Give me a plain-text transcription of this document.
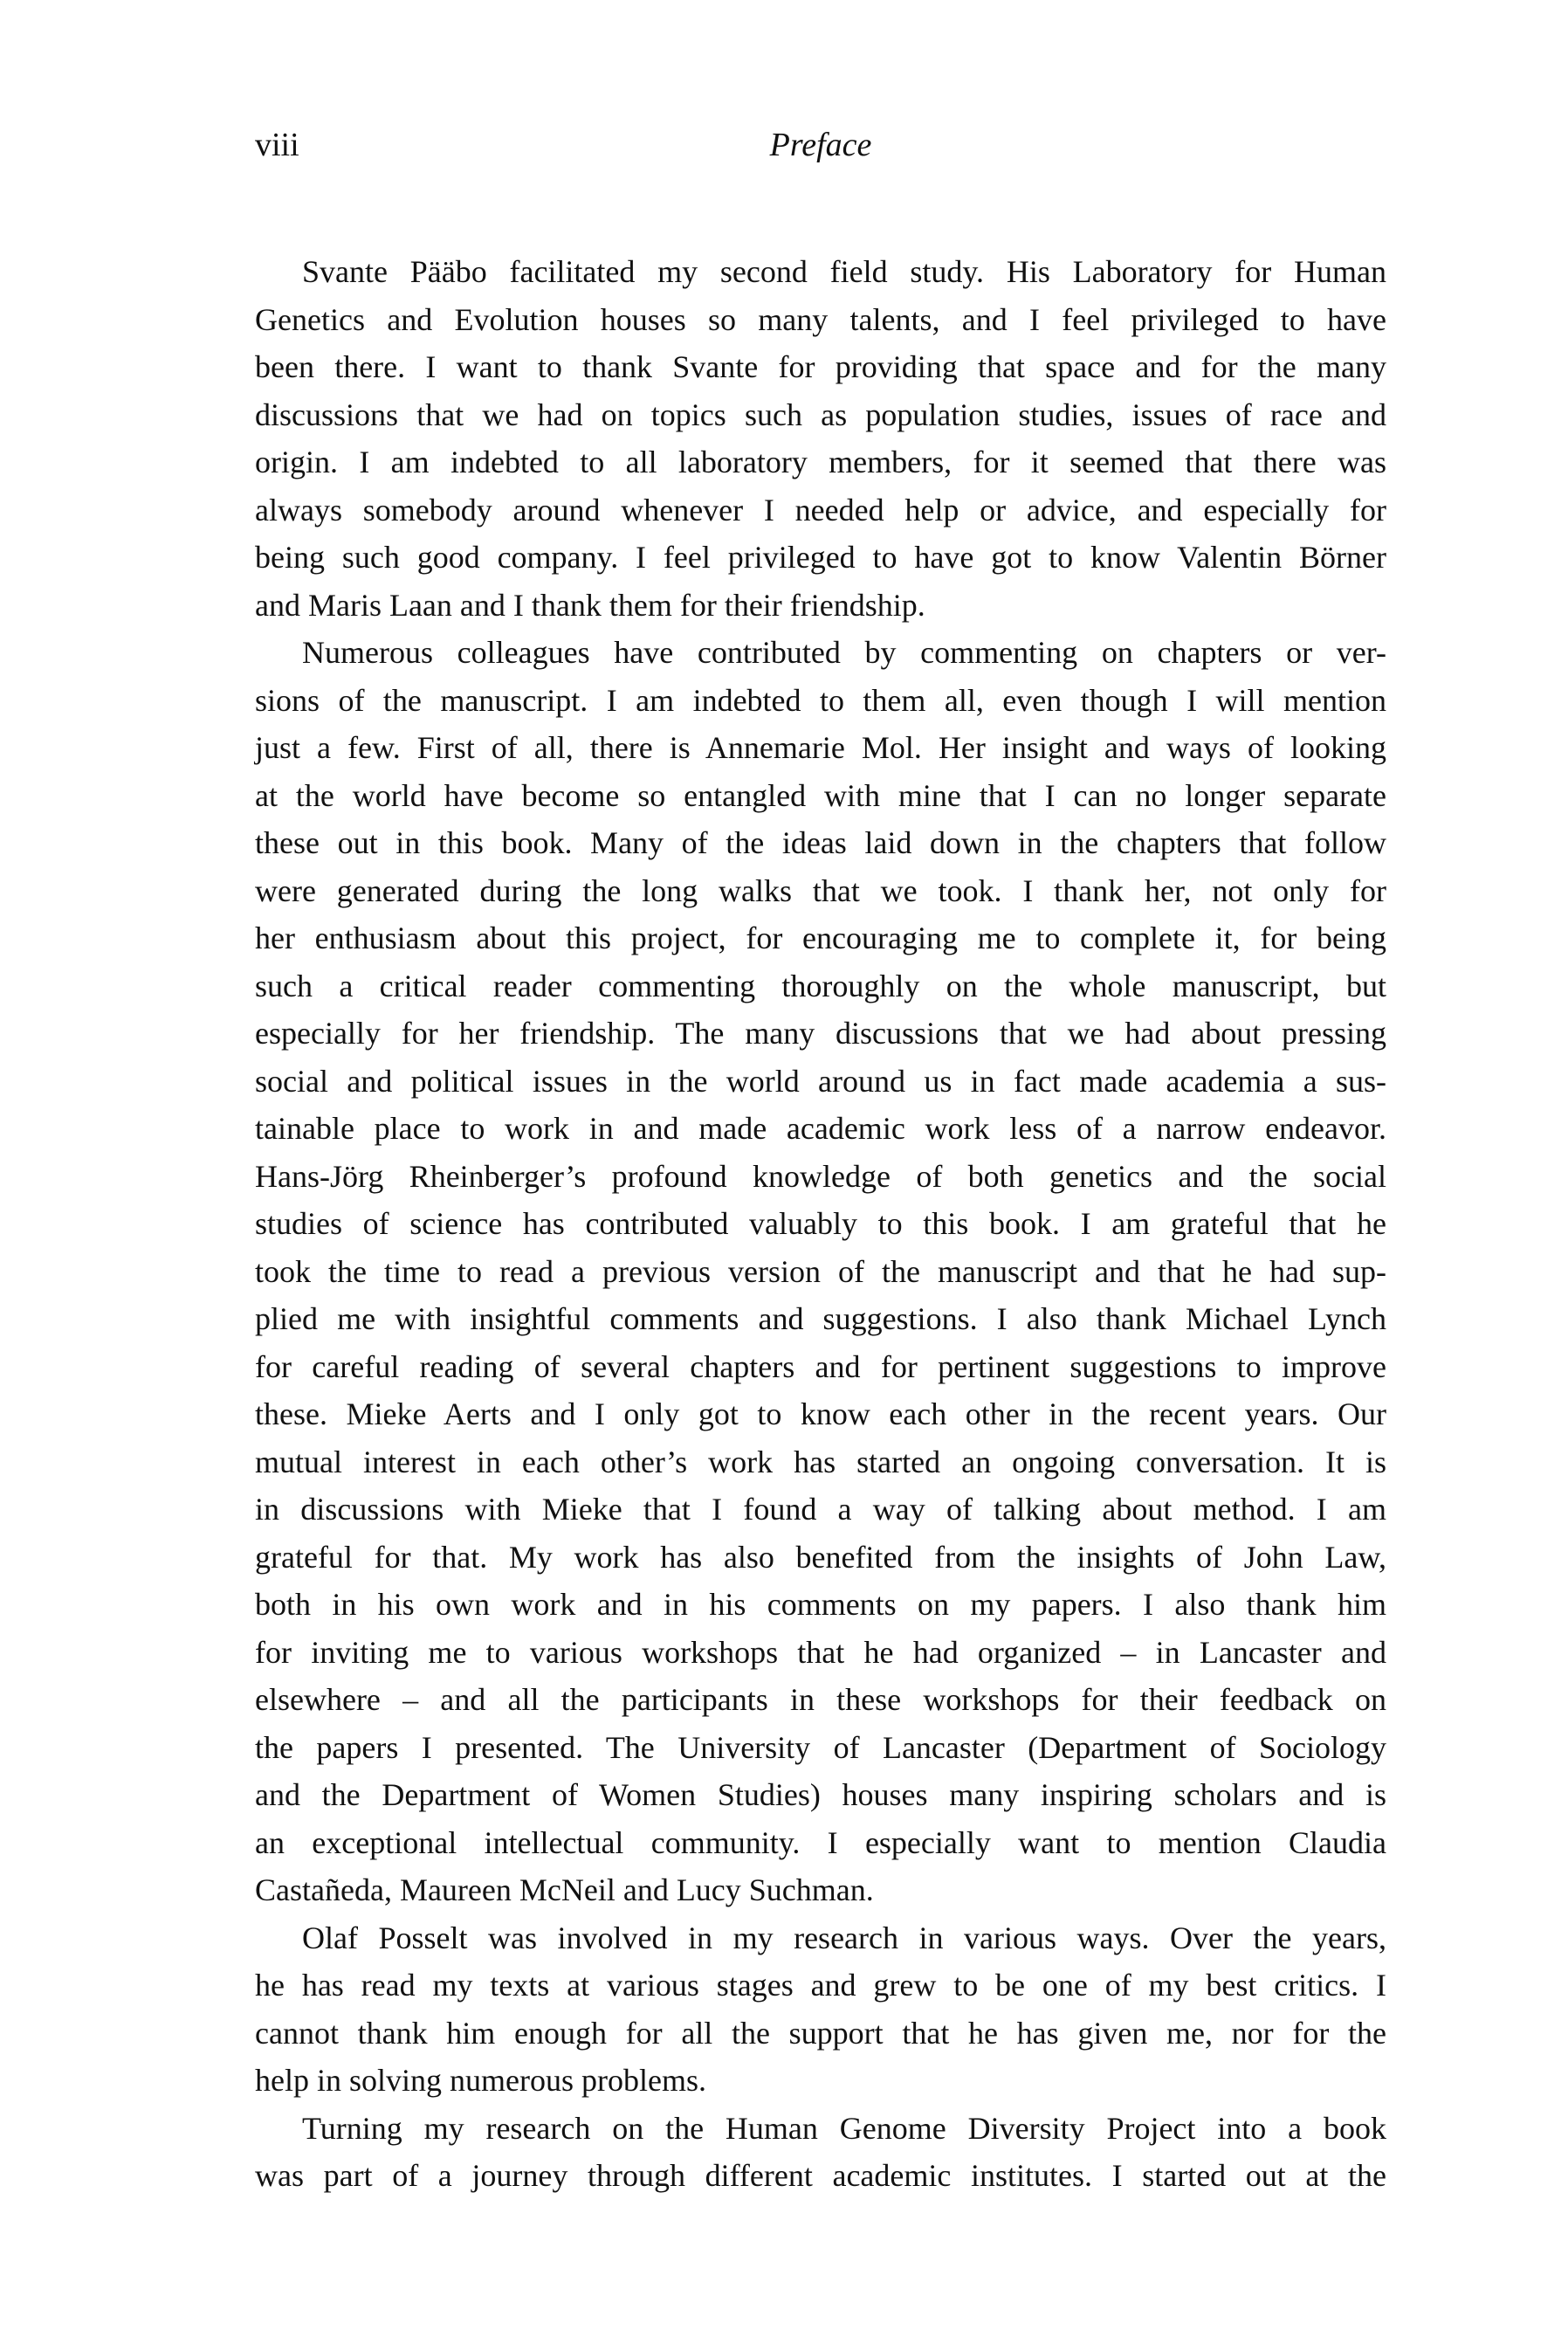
viii	Preface

Svante Pääbo facilitated my second field study. His Laboratory for Human
Genetics and Evolution houses so many talents, and I feel privileged to have
been there. I want to thank Svante for providing that space and for the many
discussions that we had on topics such as population studies, issues of race and
origin. I am indebted to all laboratory members, for it seemed that there was
always somebody around whenever I needed help or advice, and especially for
being such good company. I feel privileged to have got to know Valentin Börner
and Maris Laan and I thank them for their friendship.

Numerous colleagues have contributed by commenting on chapters or ver-
sions of the manuscript. I am indebted to them all, even though I will mention
just a few. First of all, there is Annemarie Mol. Her insight and ways of looking
at the world have become so entangled with mine that I can no longer separate
these out in this book. Many of the ideas laid down in the chapters that follow
were generated during the long walks that we took. I thank her, not only for
her enthusiasm about this project, for encouraging me to complete it, for being
such a critical reader commenting thoroughly on the whole manuscript, but
especially for her friendship. The many discussions that we had about pressing
social and political issues in the world around us in fact made academia a sus-
tainable place to work in and made academic work less of a narrow endeavor.
Hans-Jörg Rheinberger’s profound knowledge of both genetics and the social
studies of science has contributed valuably to this book. I am grateful that he
took the time to read a previous version of the manuscript and that he had sup-
plied me with insightful comments and suggestions. I also thank Michael Lynch
for careful reading of several chapters and for pertinent suggestions to improve
these. Mieke Aerts and I only got to know each other in the recent years. Our
mutual interest in each other’s work has started an ongoing conversation. It is
in discussions with Mieke that I found a way of talking about method. I am
grateful for that. My work has also benefited from the insights of John Law,
both in his own work and in his comments on my papers. I also thank him
for inviting me to various workshops that he had organized – in Lancaster and
elsewhere – and all the participants in these workshops for their feedback on
the papers I presented. The University of Lancaster (Department of Sociology
and the Department of Women Studies) houses many inspiring scholars and is
an exceptional intellectual community. I especially want to mention Claudia
Castañeda, Maureen McNeil and Lucy Suchman.

Olaf Posselt was involved in my research in various ways. Over the years,
he has read my texts at various stages and grew to be one of my best critics. I
cannot thank him enough for all the support that he has given me, nor for the
help in solving numerous problems.

Turning my research on the Human Genome Diversity Project into a book
was part of a journey through different academic institutes. I started out at the
